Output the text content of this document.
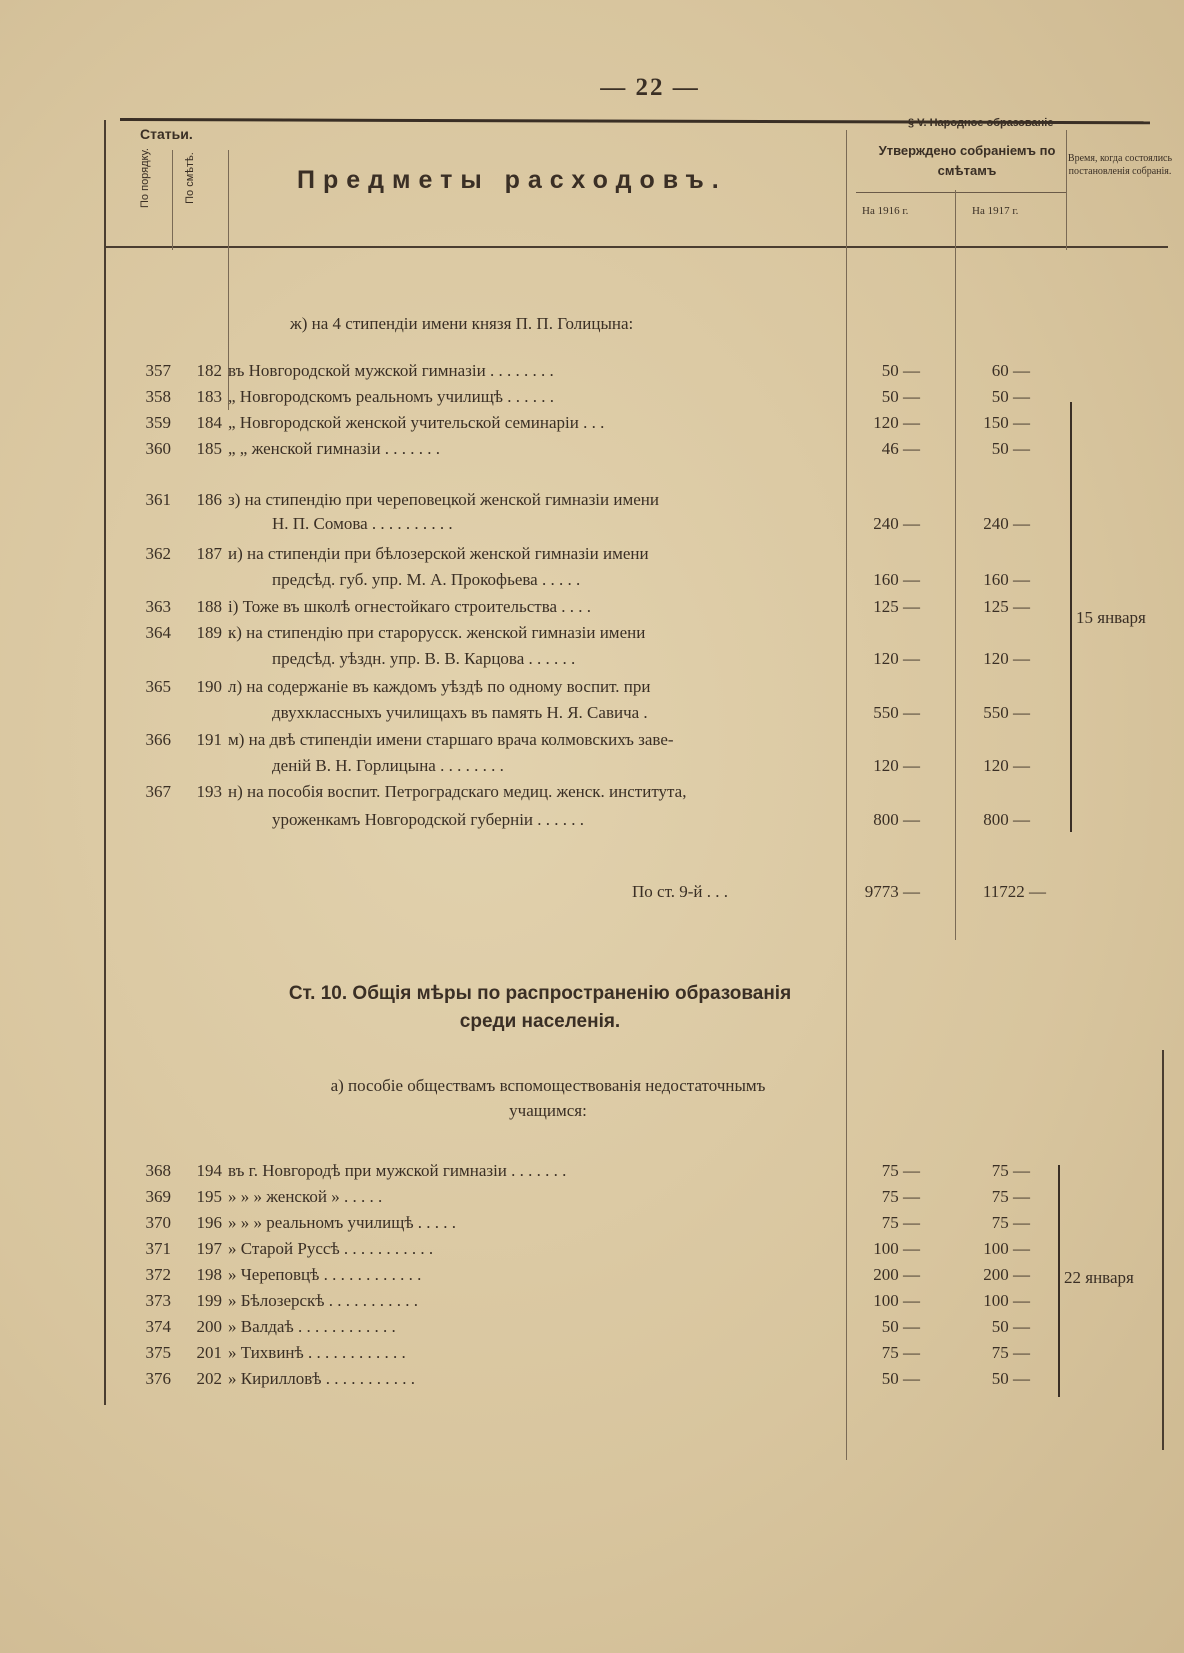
— 22 —
§ V. Народное образованіе
Статьи.
По порядку.	По смѣтѣ.	Предметы расходовъ.
Утверждено собраніемъ по смѣтамъ
На 1916 г.	На 1917 г.
Время, когда состоялись постановленія собранія.
ж) на 4 стипендіи имени князя П. П. Голицына:
357	182 въ Новгородской мужской гимназіи . . . . . . . .	50 —	60 —
358	183 „ Новгородскомъ реальномъ училищѣ . . . . . .	50 —	50 —
359	184 „ Новгородской женской учительской семинаріи . . .	120 —	150 —
360	185 „ „ женской гимназіи . . . . . . .	46 —	50 —
361	186 з) на стипендію при череповецкой женской гимназіи имени
Н. П. Сомова . . . . . . . . . .	240 —	240 —
362	187 и) на стипендіи при бѣлозерской женской гимназіи имени
предсѣд. губ. упр. М. А. Прокофьева . . . . .	160 —	160 —
363	188 і) Тоже въ школѣ огнестойкаго строительства . . . .	125 —	125 —
364	189 к) на стипендію при старорусск. женской гимназіи имени
предсѣд. уѣздн. упр. В. В. Карцова . . . . . .	120 —	120 —
365	190 л) на содержаніе въ каждомъ уѣздѣ по одному воспит. при
двухклассныхъ училищахъ въ память Н. Я. Савича .	550 —	550 —
366	191 м) на двѣ стипендіи имени старшаго врача колмовскихъ заве-
деній В. Н. Горлицына . . . . . . . .	120 —	120 —
367	193 н) на пособія воспит. Петроградскаго медиц. женск. института,
уроженкамъ Новгородской губерніи . . . . . .	800 —	800 —
15 января
По ст. 9-й . . .	9773 —	11722 —
Ст. 10. Общія мѣры по распространенію образованія
среди населенія.
а) пособіе обществамъ вспомоществованія недостаточнымъ
учащимся:
368	194 въ г. Новгородѣ при мужской гимназіи . . . . . . .	75 —	75 —
369	195 » » » женской » . . . . .	75 —	75 —
370	196 » » » реальномъ училищѣ . . . . .	75 —	75 —
371	197 » Старой Руссѣ . . . . . . . . . . .	100 —	100 —
372	198 » Череповцѣ . . . . . . . . . . . .	200 —	200 —
373	199 » Бѣлозерскѣ . . . . . . . . . . .	100 —	100 —
374	200 » Валдаѣ . . . . . . . . . . . .	50 —	50 —
375	201 » Тихвинѣ . . . . . . . . . . . .	75 —	75 —
376	202 » Кирилловѣ . . . . . . . . . . .	50 —	50 —
22 января
